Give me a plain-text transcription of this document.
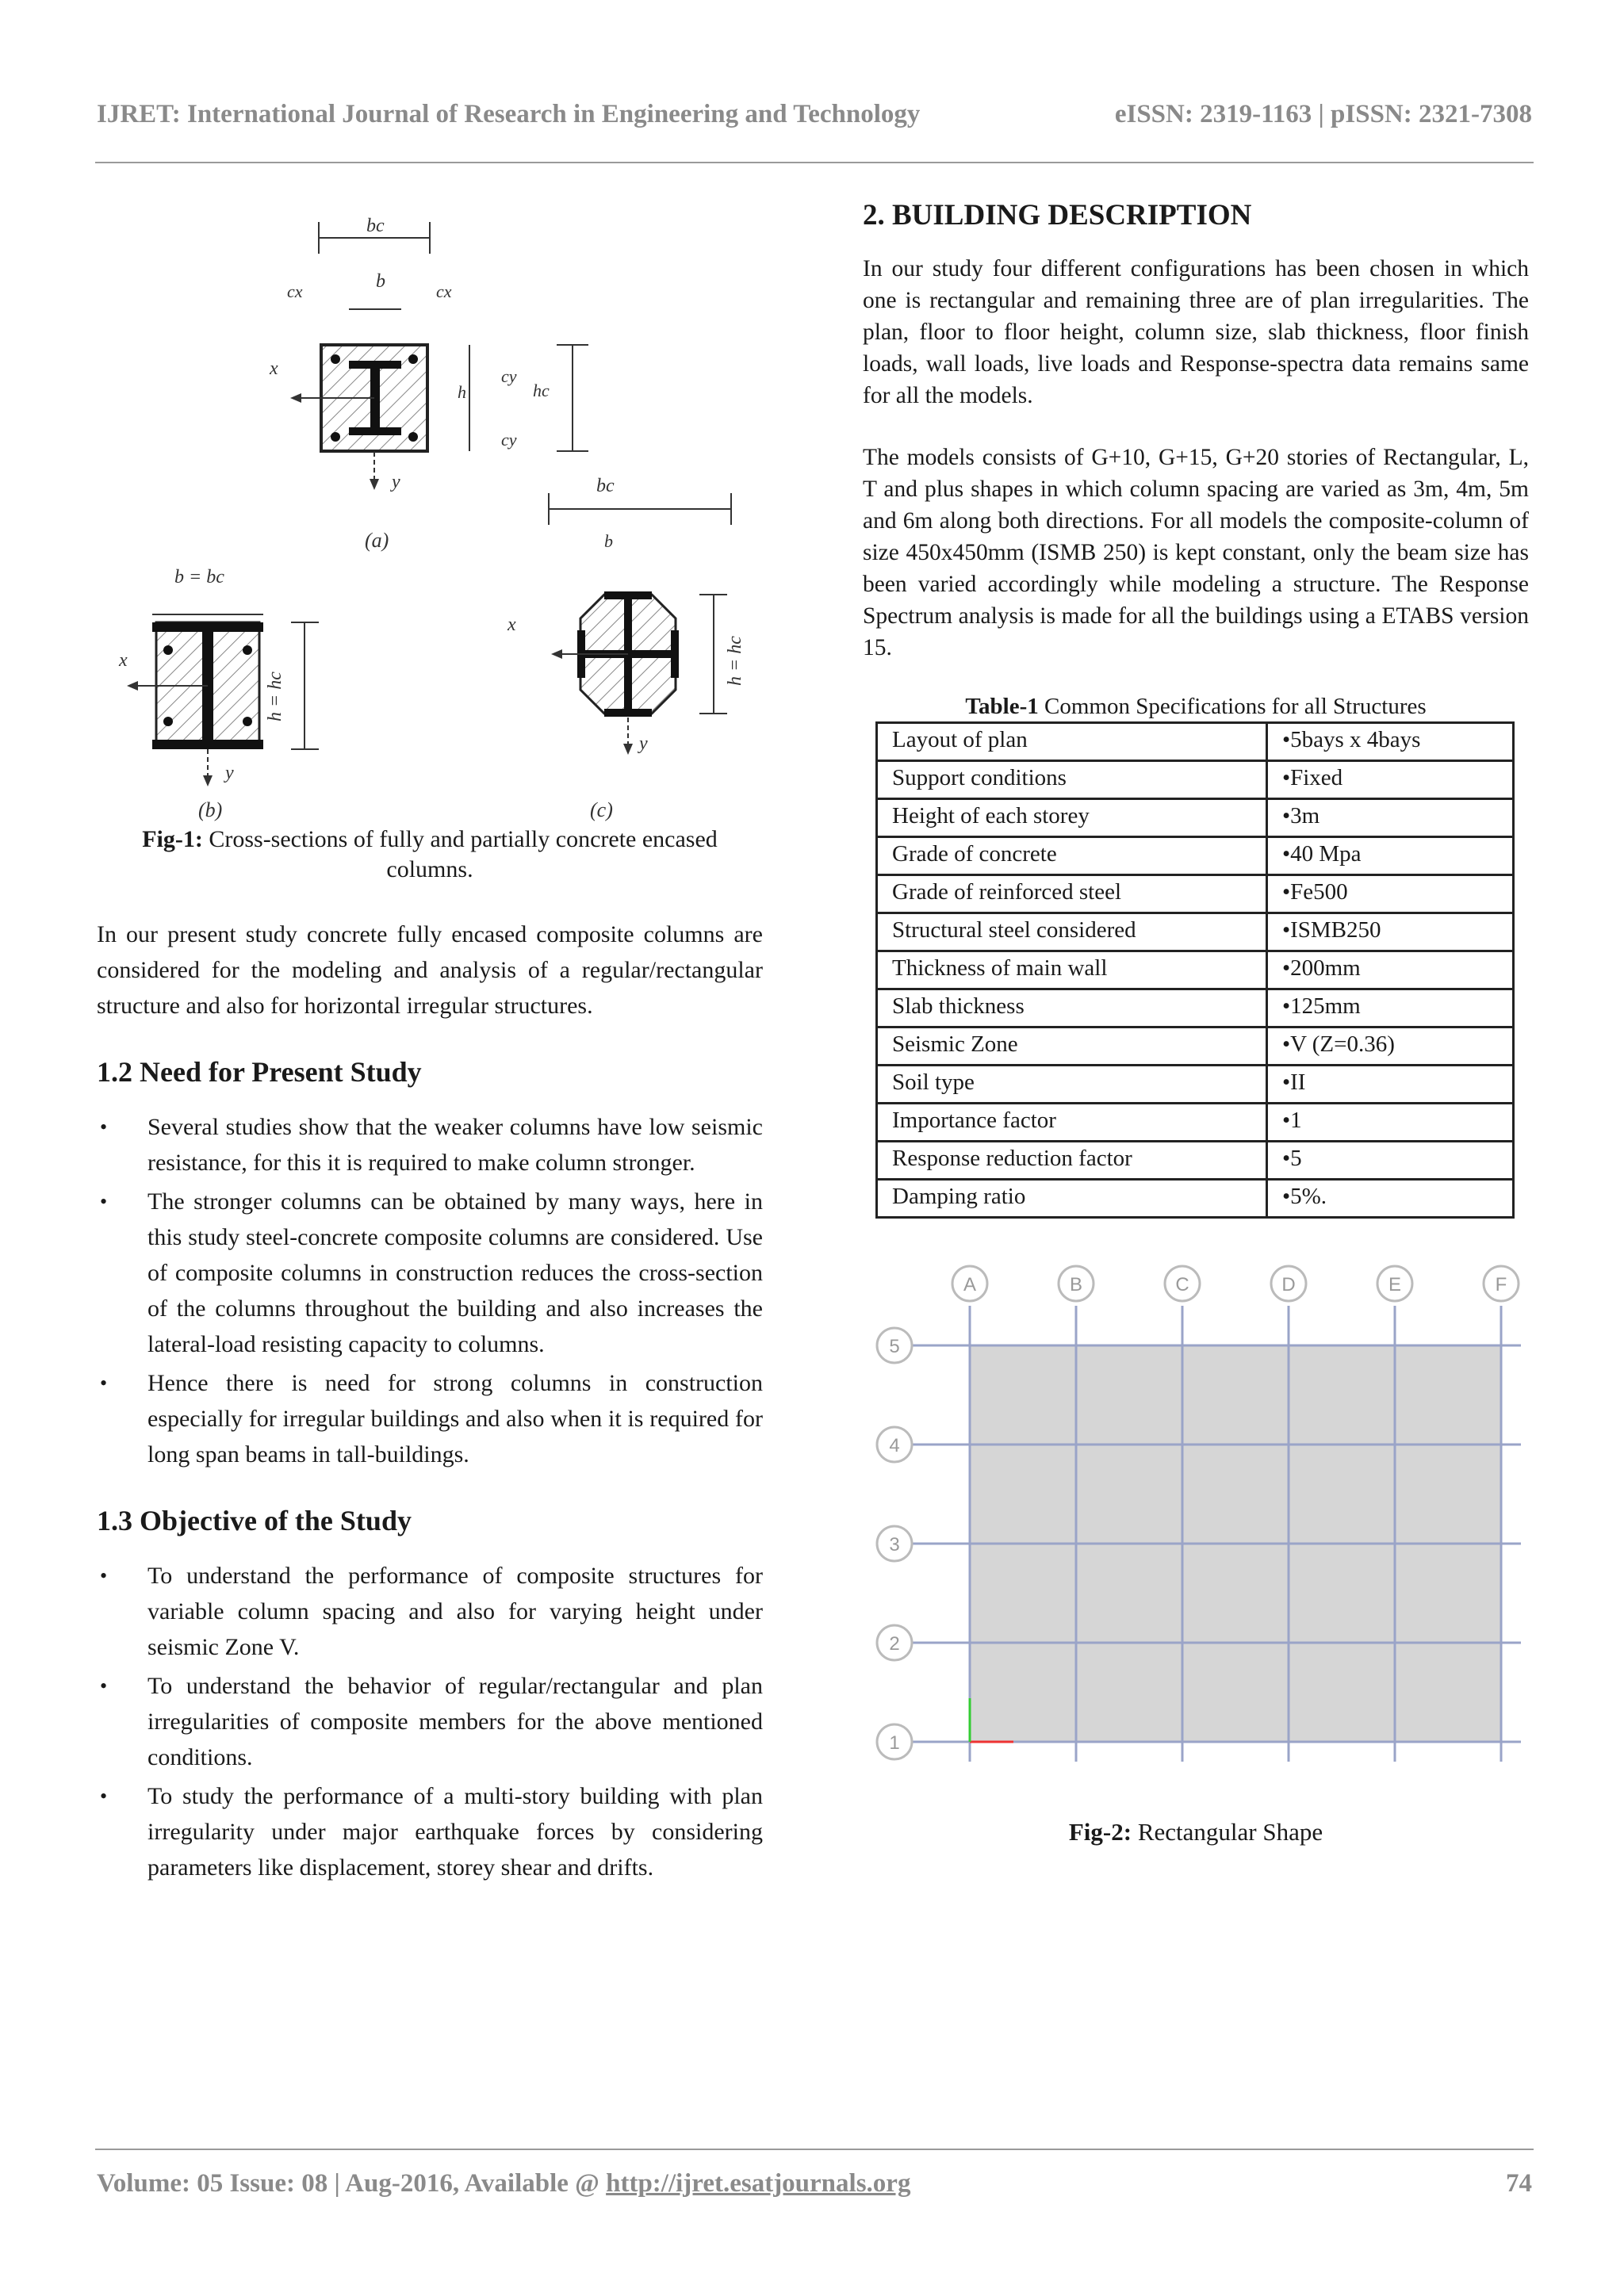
IJRET: International Journal of Research in Engineering and Technology	eISSN: 2319-1163 | pISSN: 2321-7308
bc
b
cx	cx
x
y
h
cy
cy
hc
(a)
b = bc
x
y
h = hc
(b)
bc
b
x
y
h = hc
(c)

Fig-1: Cross-sections of fully and partially concrete encased columns.

In our present study concrete fully encased composite columns are considered for the modeling and analysis of a regular/rectangular structure and also for horizontal irregular structures.

1.2 Need for Present Study
• Several studies show that the weaker columns have low seismic resistance, for this it is required to make column stronger.
• The stronger columns can be obtained by many ways, here in this study steel-concrete composite columns are considered. Use of composite columns in construction reduces the cross-section of the columns throughout the building and also increases the lateral-load resisting capacity to columns.
• Hence there is need for strong columns in construction especially for irregular buildings and also when it is required for long span beams in tall-buildings.
1.3 Objective of the Study
• To understand the performance of composite structures for variable column spacing and also for varying height under seismic Zone V.
• To understand the behavior of regular/rectangular and plan irregularities of composite members for the above mentioned conditions.
• To study the performance of a multi-story building with plan irregularity under major earthquake forces by considering parameters like displacement, storey shear and drifts.
2. BUILDING DESCRIPTION

In our study four different configurations has been chosen in which one is rectangular and remaining three are of plan irregularities. The plan, floor to floor height, column size, slab thickness, floor finish loads, wall loads, live loads and Response-spectra data remains same for all the models.

The models consists of G+10, G+15, G+20 stories of Rectangular, L, T and plus shapes in which column spacing are varied as 3m, 4m, 5m and 6m along both directions. For all models the composite-column of size 450x450mm (ISMB 250) is kept constant, only the beam size has been varied accordingly while modeling a structure. The Response Spectrum analysis is made for all the buildings using a ETABS version 15.

Table-1 Common Specifications for all Structures

Layout of plan	•5bays x 4bays
Support conditions	•Fixed
Height of each storey	•3m
Grade of concrete	•40 Mpa
Grade of reinforced steel	•Fe500
Structural steel considered	•ISMB250
Thickness of main wall	•200mm
Slab thickness	•125mm
Seismic Zone	•V (Z=0.36)
Soil type	•II
Importance factor	•1
Response reduction factor	•5
Damping ratio	•5%.
A	B	C	D	E	F
5
4
3
2
1

Fig-2: Rectangular Shape

Volume: 05 Issue: 08 | Aug-2016, Available @ http://ijret.esatjournals.org	74
